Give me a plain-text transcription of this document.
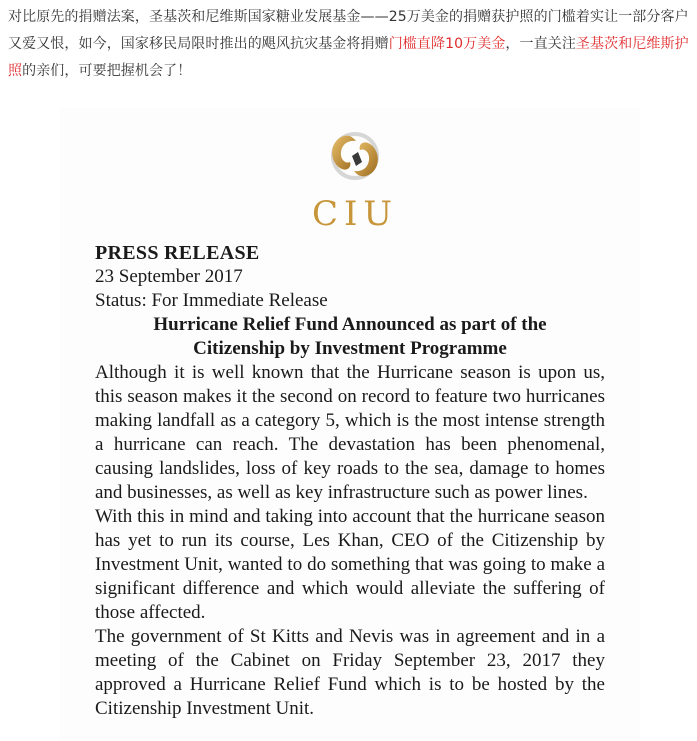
对比原先的捐赠法案，圣基茨和尼维斯国家糖业发展基金——25万美金的捐赠获护照的门槛着实让一部分客户又爱又恨，如今，国家移民局限时推出的飓风抗灾基金将捐赠门槛直降10万美金，一直关注圣基茨和尼维斯护照的亲们，可要把握机会了！
CIU

PRESS RELEASE

23 September 2017

Status: For Immediate Release

Hurricane Relief Fund Announced as part of the

Citizenship by Investment Programme

Although it is well known that the Hurricane season is upon us, this season makes it the second on record to feature two hurricanes making landfall as a category 5, which is the most intense strength a hurricane can reach. The devastation has been phenomenal, causing landslides, loss of key roads to the sea, damage to homes and businesses, as well as key infrastructure such as power lines.

With this in mind and taking into account that the hurricane season has yet to run its course, Les Khan, CEO of the Citizenship by Investment Unit, wanted to do something that was going to make a significant difference and which would alleviate the suffering of those affected.

The government of St Kitts and Nevis was in agreement and in a meeting of the Cabinet on Friday September 23, 2017 they approved a Hurricane Relief Fund which is to be hosted by the Citizenship Investment Unit.
